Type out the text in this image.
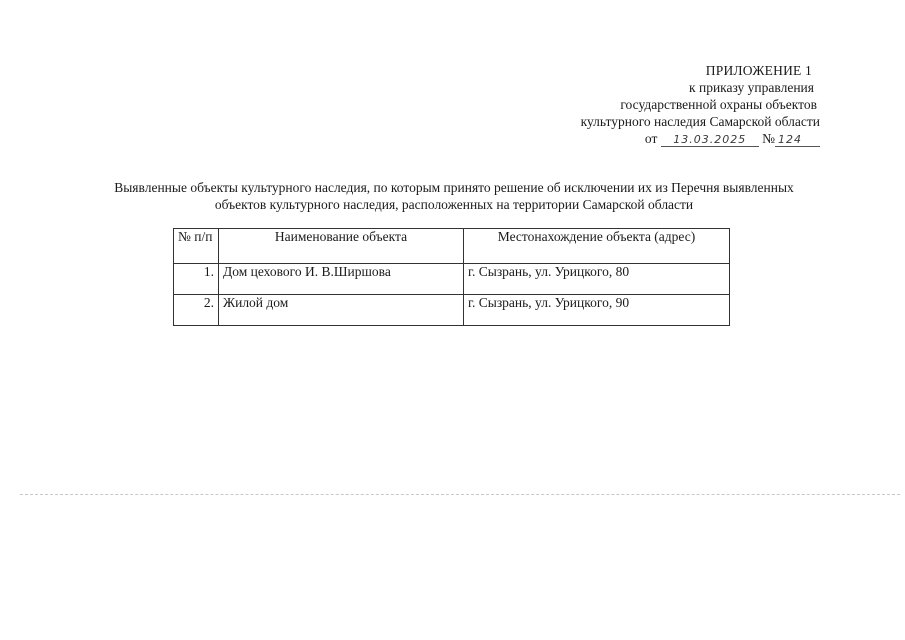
ПРИЛОЖЕНИЕ 1
к приказу управления
государственной охраны объектов
культурного наследия Самарской области
от 13.03.2025 № 124
Выявленные объекты культурного наследия, по которым принято решение об исключении их из Перечня выявленных
объектов культурного наследия, расположенных на территории Самарской области
№ п/п	Наименование объекта	Местонахождение объекта (адрес)
1.	Дом цехового И. В.Ширшова	г. Сызрань, ул. Урицкого, 80
2.	Жилой дом	г. Сызрань, ул. Урицкого, 90
